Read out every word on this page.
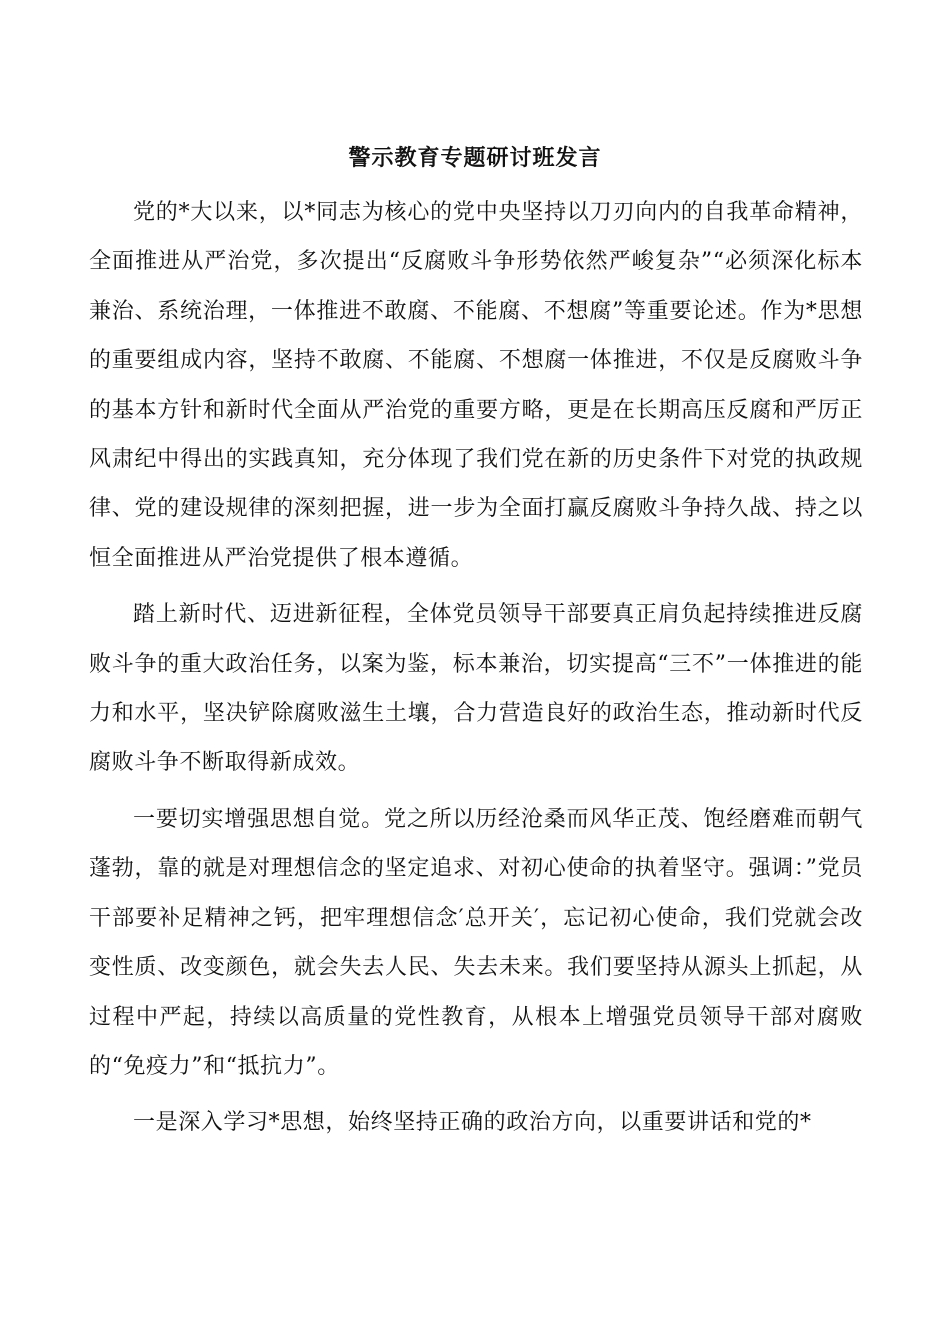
警示教育专题研讨班发言

党的*大以来，以*同志为核心的党中央坚持以刀刃向内的自我革命精神，全面推进从严治党，多次提出“反腐败斗争形势依然严峻复杂”“必须深化标本兼治、系统治理，一体推进不敢腐、不能腐、不想腐”等重要论述。作为*思想的重要组成内容，坚持不敢腐、不能腐、不想腐一体推进，不仅是反腐败斗争的基本方针和新时代全面从严治党的重要方略，更是在长期高压反腐和严厉正风肃纪中得出的实践真知，充分体现了我们党在新的历史条件下对党的执政规律、党的建设规律的深刻把握，进一步为全面打赢反腐败斗争持久战、持之以恒全面推进从严治党提供了根本遵循。

踏上新时代、迈进新征程，全体党员领导干部要真正肩负起持续推进反腐败斗争的重大政治任务，以案为鉴，标本兼治，切实提高“三不”一体推进的能力和水平，坚决铲除腐败滋生土壤，合力营造良好的政治生态，推动新时代反腐败斗争不断取得新成效。

一要切实增强思想自觉。党之所以历经沧桑而风华正茂、饱经磨难而朝气蓬勃，靠的就是对理想信念的坚定追求、对初心使命的执着坚守。强调：”党员干部要补足精神之钙，把牢理想信念′总开关′，忘记初心使命，我们党就会改变性质、改变颜色，就会失去人民、失去未来。我们要坚持从源头上抓起，从过程中严起，持续以高质量的党性教育，从根本上增强党员领导干部对腐败的“免疫力”和“抵抗力”。

一是深入学习*思想，始终坚持正确的政治方向，以重要讲话和党的*
